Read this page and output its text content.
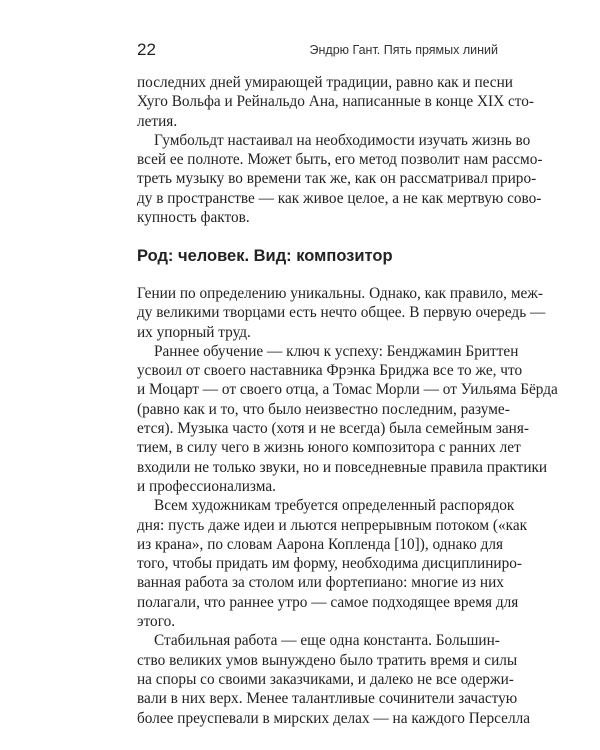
22	Эндрю Гант. Пять прямых линий

последних дней умирающей традиции, равно как и песни
Хуго Вольфа и Рейнальдо Ана, написанные в конце XIX сто-
летия.

Гумбольдт настаивал на необходимости изучать жизнь во
всей ее полноте. Может быть, его метод позволит нам рассмо-
треть музыку во времени так же, как он рассматривал приро-
ду в пространстве — как живое целое, а не как мертвую сово-
купность фактов.

Род: человек. Вид: композитор

Гении по определению уникальны. Однако, как правило, меж-
ду великими творцами есть нечто общее. В первую очередь —
их упорный труд.

Раннее обучение — ключ к успеху: Бенджамин Бриттен
усвоил от своего наставника Фрэнка Бриджа все то же, что
и Моцарт — от своего отца, а Томас Морли — от Уильяма Бёрда
(равно как и то, что было неизвестно последним, разуме-
ется). Музыка часто (хотя и не всегда) была семейным заня-
тием, в силу чего в жизнь юного композитора с ранних лет
входили не только звуки, но и повседневные правила практики
и профессионализма.

Всем художникам требуется определенный распорядок
дня: пусть даже идеи и льются непрерывным потоком («как
из крана», по словам Аарона Копленда [10]), однако для
того, чтобы придать им форму, необходима дисциплиниро-
ванная работа за столом или фортепиано: многие из них
полагали, что раннее утро — самое подходящее время для
этого.

Стабильная работа — еще одна константа. Большин-
ство великих умов вынуждено было тратить время и силы
на споры со своими заказчиками, и далеко не все одержи-
вали в них верх. Менее талантливые сочинители зачастую
более преуспевали в мирских делах — на каждого Перселла
